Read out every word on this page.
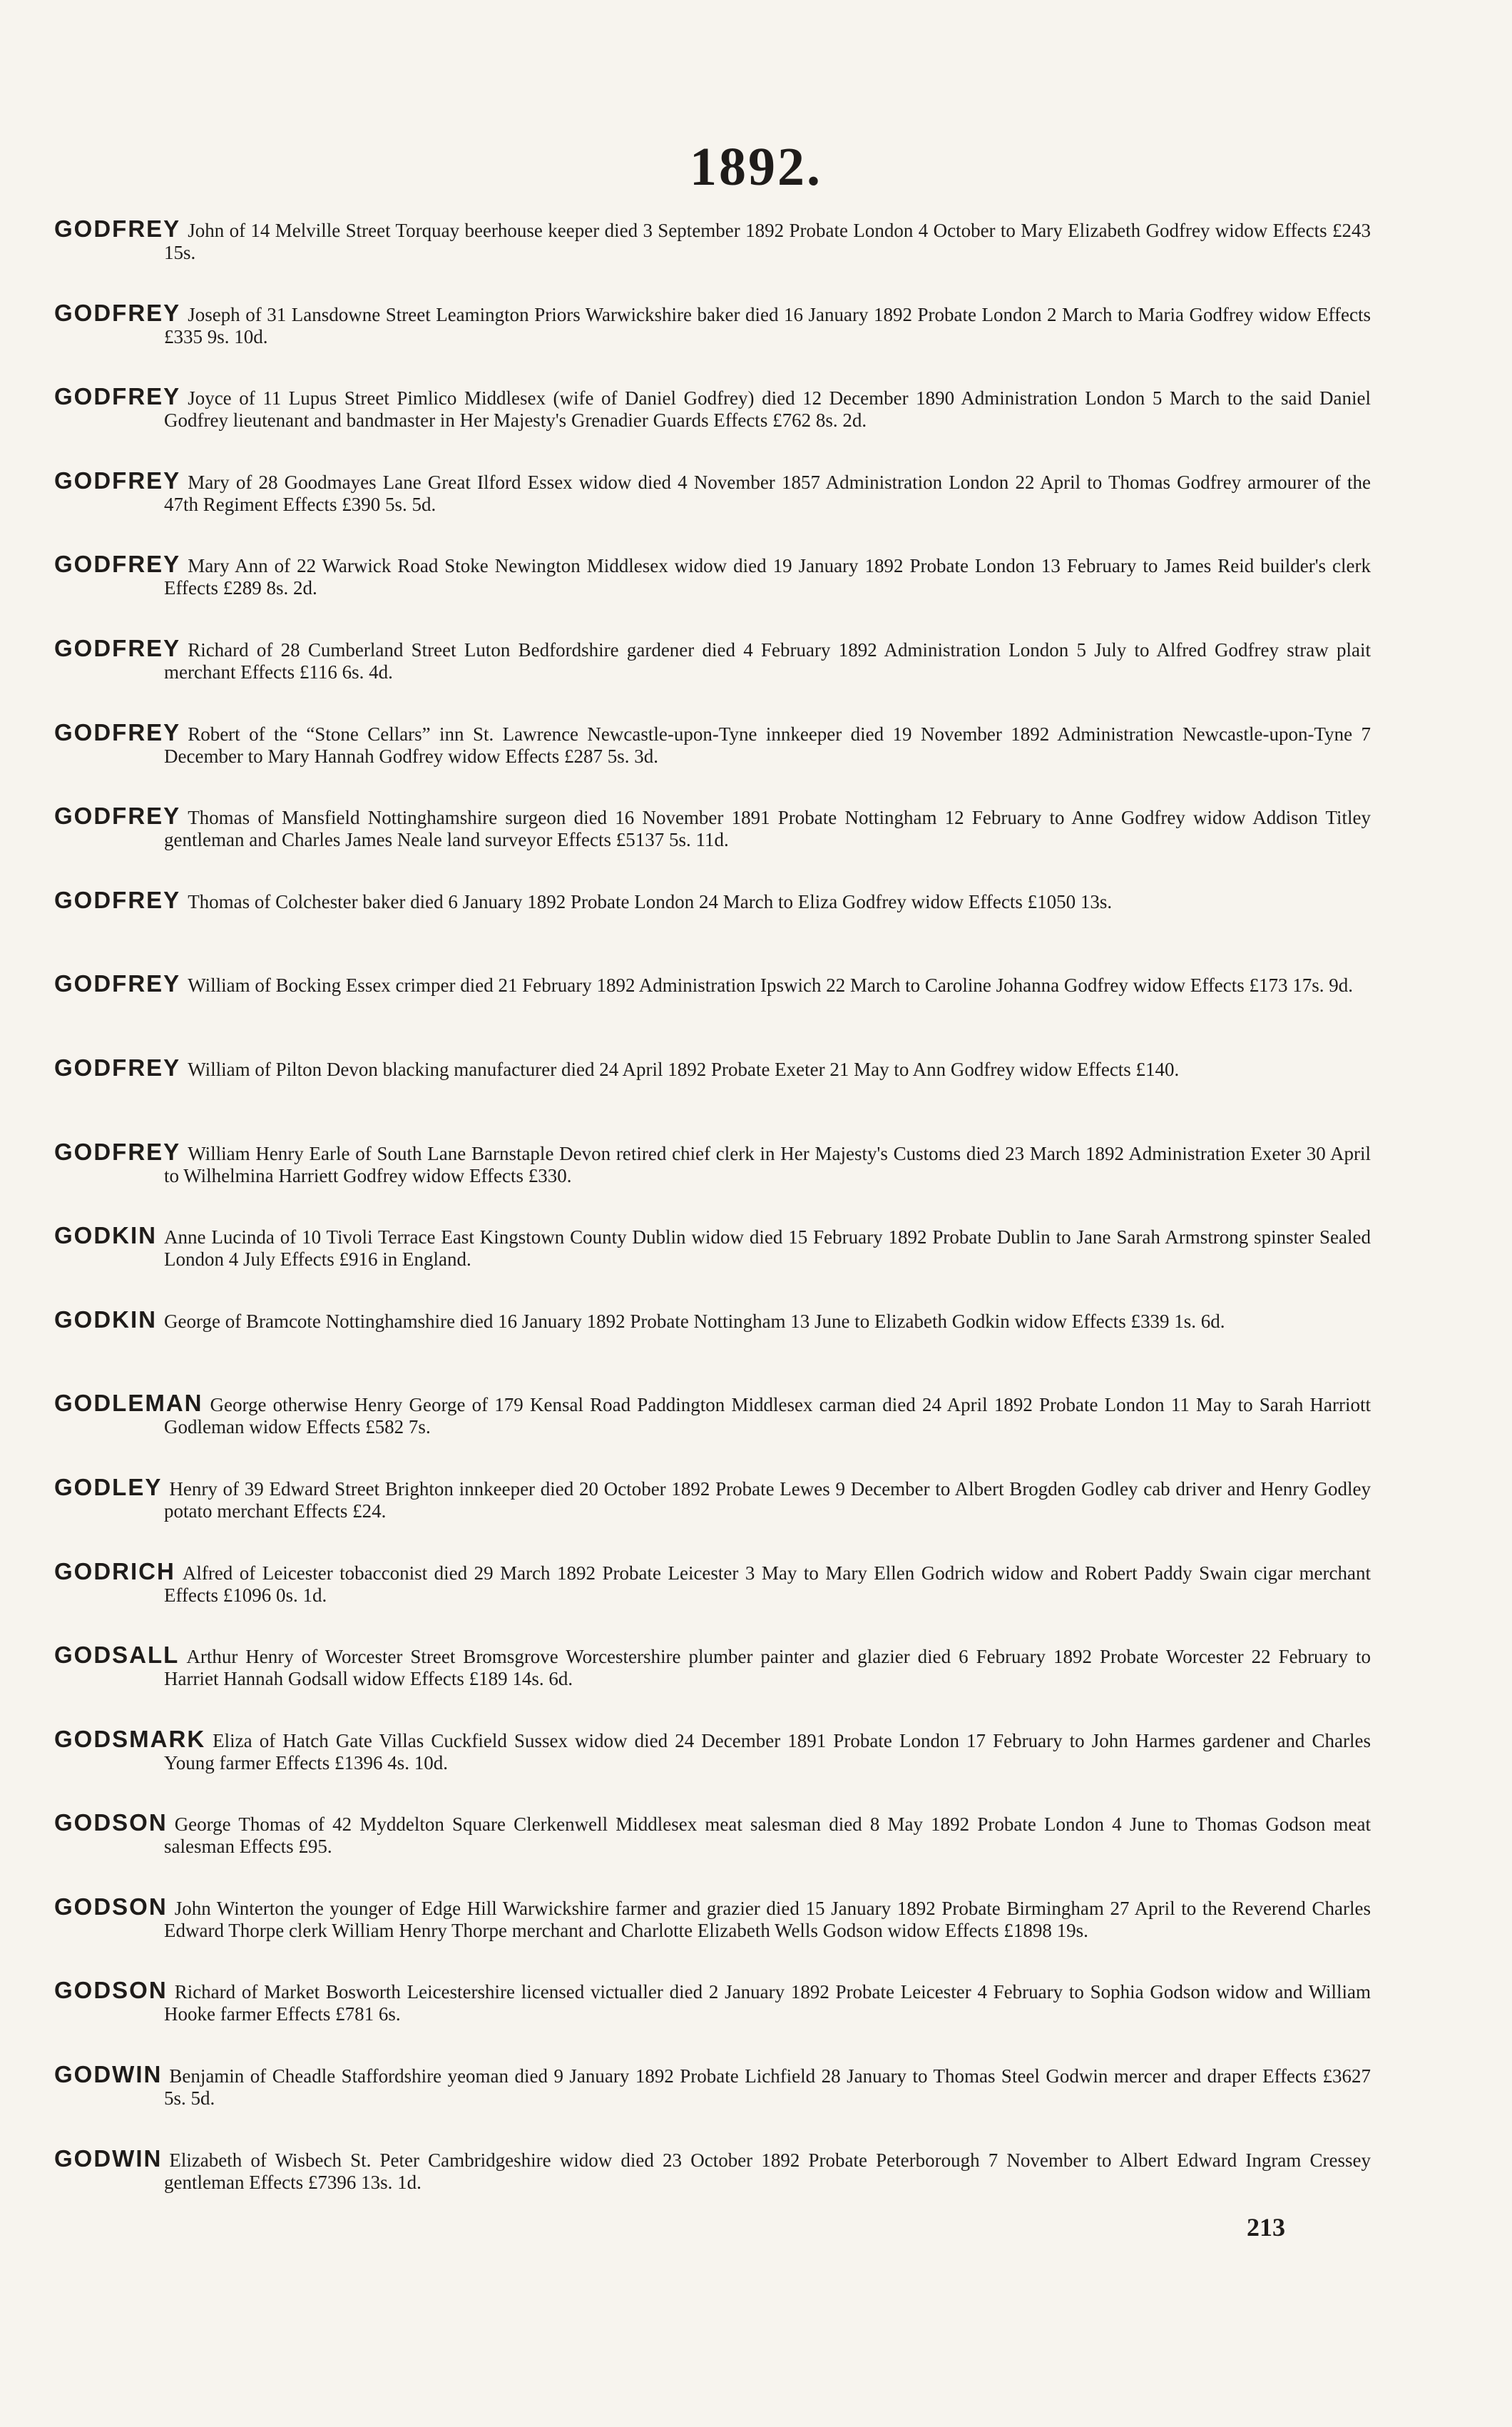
1892.

GODFREY John of 14 Melville Street Torquay beerhouse keeper died 3 September 1892 Probate London 4 October to Mary Elizabeth Godfrey widow Effects £243 15s.

GODFREY Joseph of 31 Lansdowne Street Leamington Priors Warwickshire baker died 16 January 1892 Probate London 2 March to Maria Godfrey widow Effects £335 9s. 10d.

GODFREY Joyce of 11 Lupus Street Pimlico Middlesex (wife of Daniel Godfrey) died 12 December 1890 Administration London 5 March to the said Daniel Godfrey lieutenant and bandmaster in Her Majesty's Grenadier Guards Effects £762 8s. 2d.

GODFREY Mary of 28 Goodmayes Lane Great Ilford Essex widow died 4 November 1857 Administration London 22 April to Thomas Godfrey armourer of the 47th Regiment Effects £390 5s. 5d.

GODFREY Mary Ann of 22 Warwick Road Stoke Newington Middlesex widow died 19 January 1892 Probate London 13 February to James Reid builder's clerk Effects £289 8s. 2d.

GODFREY Richard of 28 Cumberland Street Luton Bedfordshire gardener died 4 February 1892 Administration London 5 July to Alfred Godfrey straw plait merchant Effects £116 6s. 4d.

GODFREY Robert of the “Stone Cellars” inn St. Lawrence Newcastle-upon-Tyne innkeeper died 19 November 1892 Administration Newcastle-upon-Tyne 7 December to Mary Hannah Godfrey widow Effects £287 5s. 3d.

GODFREY Thomas of Mansfield Nottinghamshire surgeon died 16 November 1891 Probate Nottingham 12 February to Anne Godfrey widow Addison Titley gentleman and Charles James Neale land surveyor Effects £5137 5s. 11d.

GODFREY Thomas of Colchester baker died 6 January 1892 Probate London 24 March to Eliza Godfrey widow Effects £1050 13s.

GODFREY William of Bocking Essex crimper died 21 February 1892 Administration Ipswich 22 March to Caroline Johanna Godfrey widow Effects £173 17s. 9d.

GODFREY William of Pilton Devon blacking manufacturer died 24 April 1892 Probate Exeter 21 May to Ann Godfrey widow Effects £140.

GODFREY William Henry Earle of South Lane Barnstaple Devon retired chief clerk in Her Majesty's Customs died 23 March 1892 Administration Exeter 30 April to Wilhelmina Harriett Godfrey widow Effects £330.

GODKIN Anne Lucinda of 10 Tivoli Terrace East Kingstown County Dublin widow died 15 February 1892 Probate Dublin to Jane Sarah Armstrong spinster Sealed London 4 July Effects £916 in England.

GODKIN George of Bramcote Nottinghamshire died 16 January 1892 Probate Nottingham 13 June to Elizabeth Godkin widow Effects £339 1s. 6d.

GODLEMAN George otherwise Henry George of 179 Kensal Road Paddington Middlesex carman died 24 April 1892 Probate London 11 May to Sarah Harriott Godleman widow Effects £582 7s.

GODLEY Henry of 39 Edward Street Brighton innkeeper died 20 October 1892 Probate Lewes 9 December to Albert Brogden Godley cab driver and Henry Godley potato merchant Effects £24.

GODRICH Alfred of Leicester tobacconist died 29 March 1892 Probate Leicester 3 May to Mary Ellen Godrich widow and Robert Paddy Swain cigar merchant Effects £1096 0s. 1d.

GODSALL Arthur Henry of Worcester Street Bromsgrove Worcestershire plumber painter and glazier died 6 February 1892 Probate Worcester 22 February to Harriet Hannah Godsall widow Effects £189 14s. 6d.

GODSMARK Eliza of Hatch Gate Villas Cuckfield Sussex widow died 24 December 1891 Probate London 17 February to John Harmes gardener and Charles Young farmer Effects £1396 4s. 10d.

GODSON George Thomas of 42 Myddelton Square Clerkenwell Middlesex meat salesman died 8 May 1892 Probate London 4 June to Thomas Godson meat salesman Effects £95.

GODSON John Winterton the younger of Edge Hill Warwickshire farmer and grazier died 15 January 1892 Probate Birmingham 27 April to the Reverend Charles Edward Thorpe clerk William Henry Thorpe merchant and Charlotte Elizabeth Wells Godson widow Effects £1898 19s.

GODSON Richard of Market Bosworth Leicestershire licensed victualler died 2 January 1892 Probate Leicester 4 February to Sophia Godson widow and William Hooke farmer Effects £781 6s.

GODWIN Benjamin of Cheadle Staffordshire yeoman died 9 January 1892 Probate Lichfield 28 January to Thomas Steel Godwin mercer and draper Effects £3627 5s. 5d.

GODWIN Elizabeth of Wisbech St. Peter Cambridgeshire widow died 23 October 1892 Probate Peterborough 7 November to Albert Edward Ingram Cressey gentleman Effects £7396 13s. 1d.

213
